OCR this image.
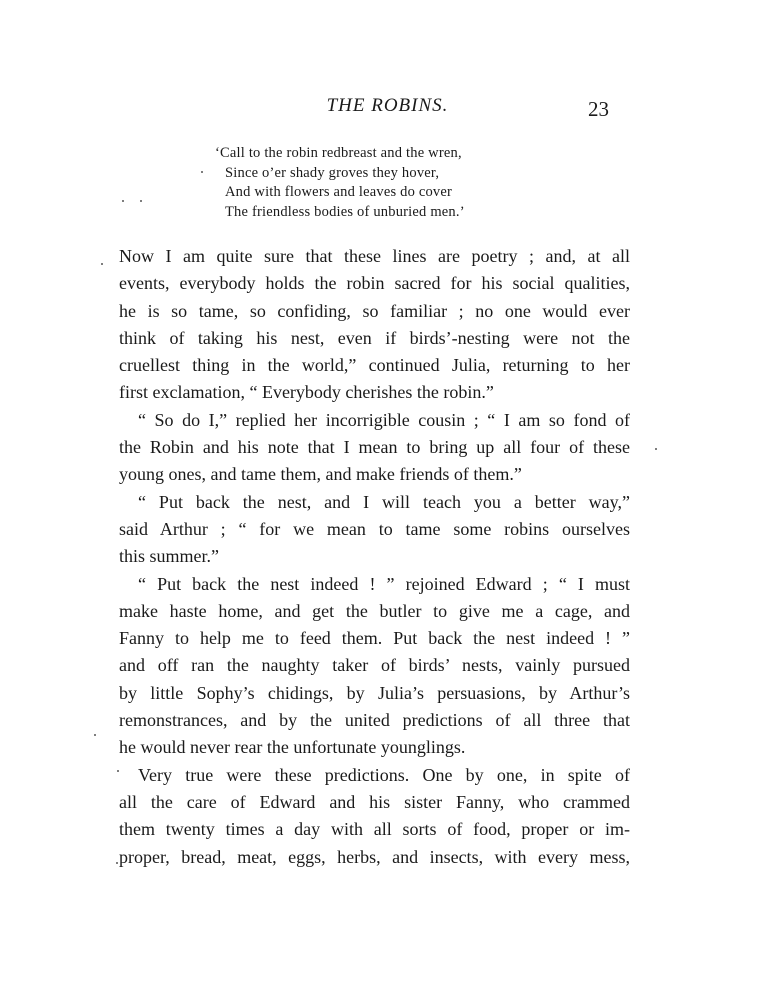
THE ROBINS.	23
‘Call to the robin redbreast and the wren,
Since o’er shady groves they hover,
And with flowers and leaves do cover
The friendless bodies of unburied men.’

Now I am quite sure that these lines are poetry ; and, at all
events, everybody holds the robin sacred for his social qualities,
he is so tame, so confiding, so familiar ; no one would ever
think of taking his nest, even if birds’-nesting were not the
cruellest thing in the world,” continued Julia, returning to her
first exclamation, “ Everybody cherishes the robin.”

“ So do I,” replied her incorrigible cousin ; “ I am so fond of
the Robin and his note that I mean to bring up all four of these
young ones, and tame them, and make friends of them.”

“ Put back the nest, and I will teach you a better way,”
said Arthur ; “ for we mean to tame some robins ourselves
this summer.”

“ Put back the nest indeed ! ” rejoined Edward ; “ I must
make haste home, and get the butler to give me a cage, and
Fanny to help me to feed them. Put back the nest indeed ! ”
and off ran the naughty taker of birds’ nests, vainly pursued
by little Sophy’s chidings, by Julia’s persuasions, by Arthur’s
remonstrances, and by the united predictions of all three that
he would never rear the unfortunate younglings.

Very true were these predictions. One by one, in spite of
all the care of Edward and his sister Fanny, who crammed
them twenty times a day with all sorts of food, proper or im-
proper, bread, meat, eggs, herbs, and insects, with every mess,
